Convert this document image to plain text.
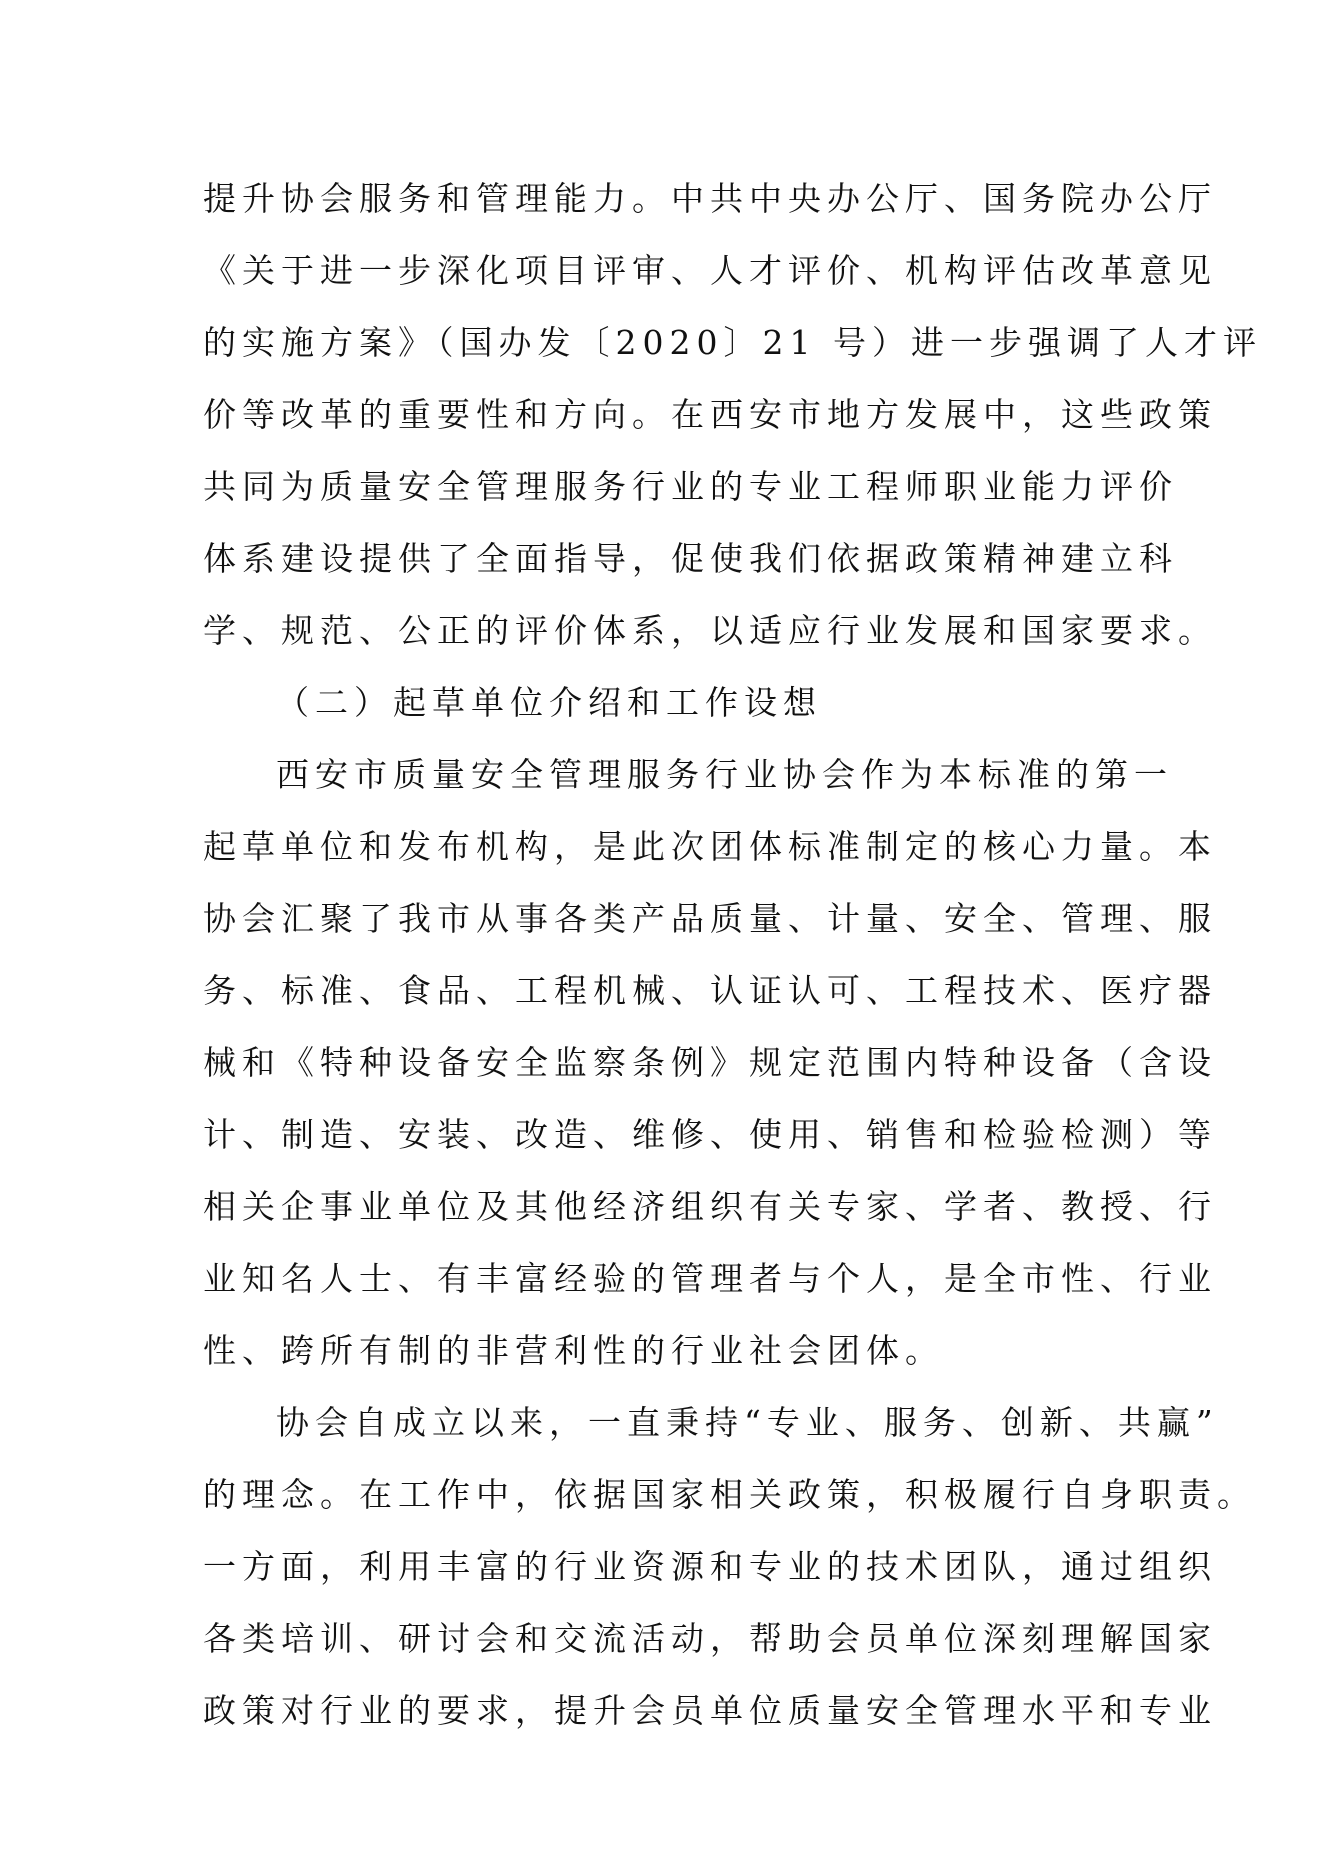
提升协会服务和管理能力。中共中央办公厅、国务院办公厅
《关于进一步深化项目评审、人才评价、机构评估改革意见
的实施方案》（国办发〔2020〕21 号）进一步强调了人才评
价等改革的重要性和方向。在西安市地方发展中，这些政策
共同为质量安全管理服务行业的专业工程师职业能力评价
体系建设提供了全面指导，促使我们依据政策精神建立科
学、规范、公正的评价体系，以适应行业发展和国家要求。
（二）起草单位介绍和工作设想
西安市质量安全管理服务行业协会作为本标准的第一
起草单位和发布机构，是此次团体标准制定的核心力量。本
协会汇聚了我市从事各类产品质量、计量、安全、管理、服
务、标准、食品、工程机械、认证认可、工程技术、医疗器
械和《特种设备安全监察条例》规定范围内特种设备（含设
计、制造、安装、改造、维修、使用、销售和检验检测）等
相关企事业单位及其他经济组织有关专家、学者、教授、行
业知名人士、有丰富经验的管理者与个人，是全市性、行业
性、跨所有制的非营利性的行业社会团体。
协会自成立以来，一直秉持“专业、服务、创新、共赢”
的理念。在工作中，依据国家相关政策，积极履行自身职责。
一方面，利用丰富的行业资源和专业的技术团队，通过组织
各类培训、研讨会和交流活动，帮助会员单位深刻理解国家
政策对行业的要求，提升会员单位质量安全管理水平和专业
